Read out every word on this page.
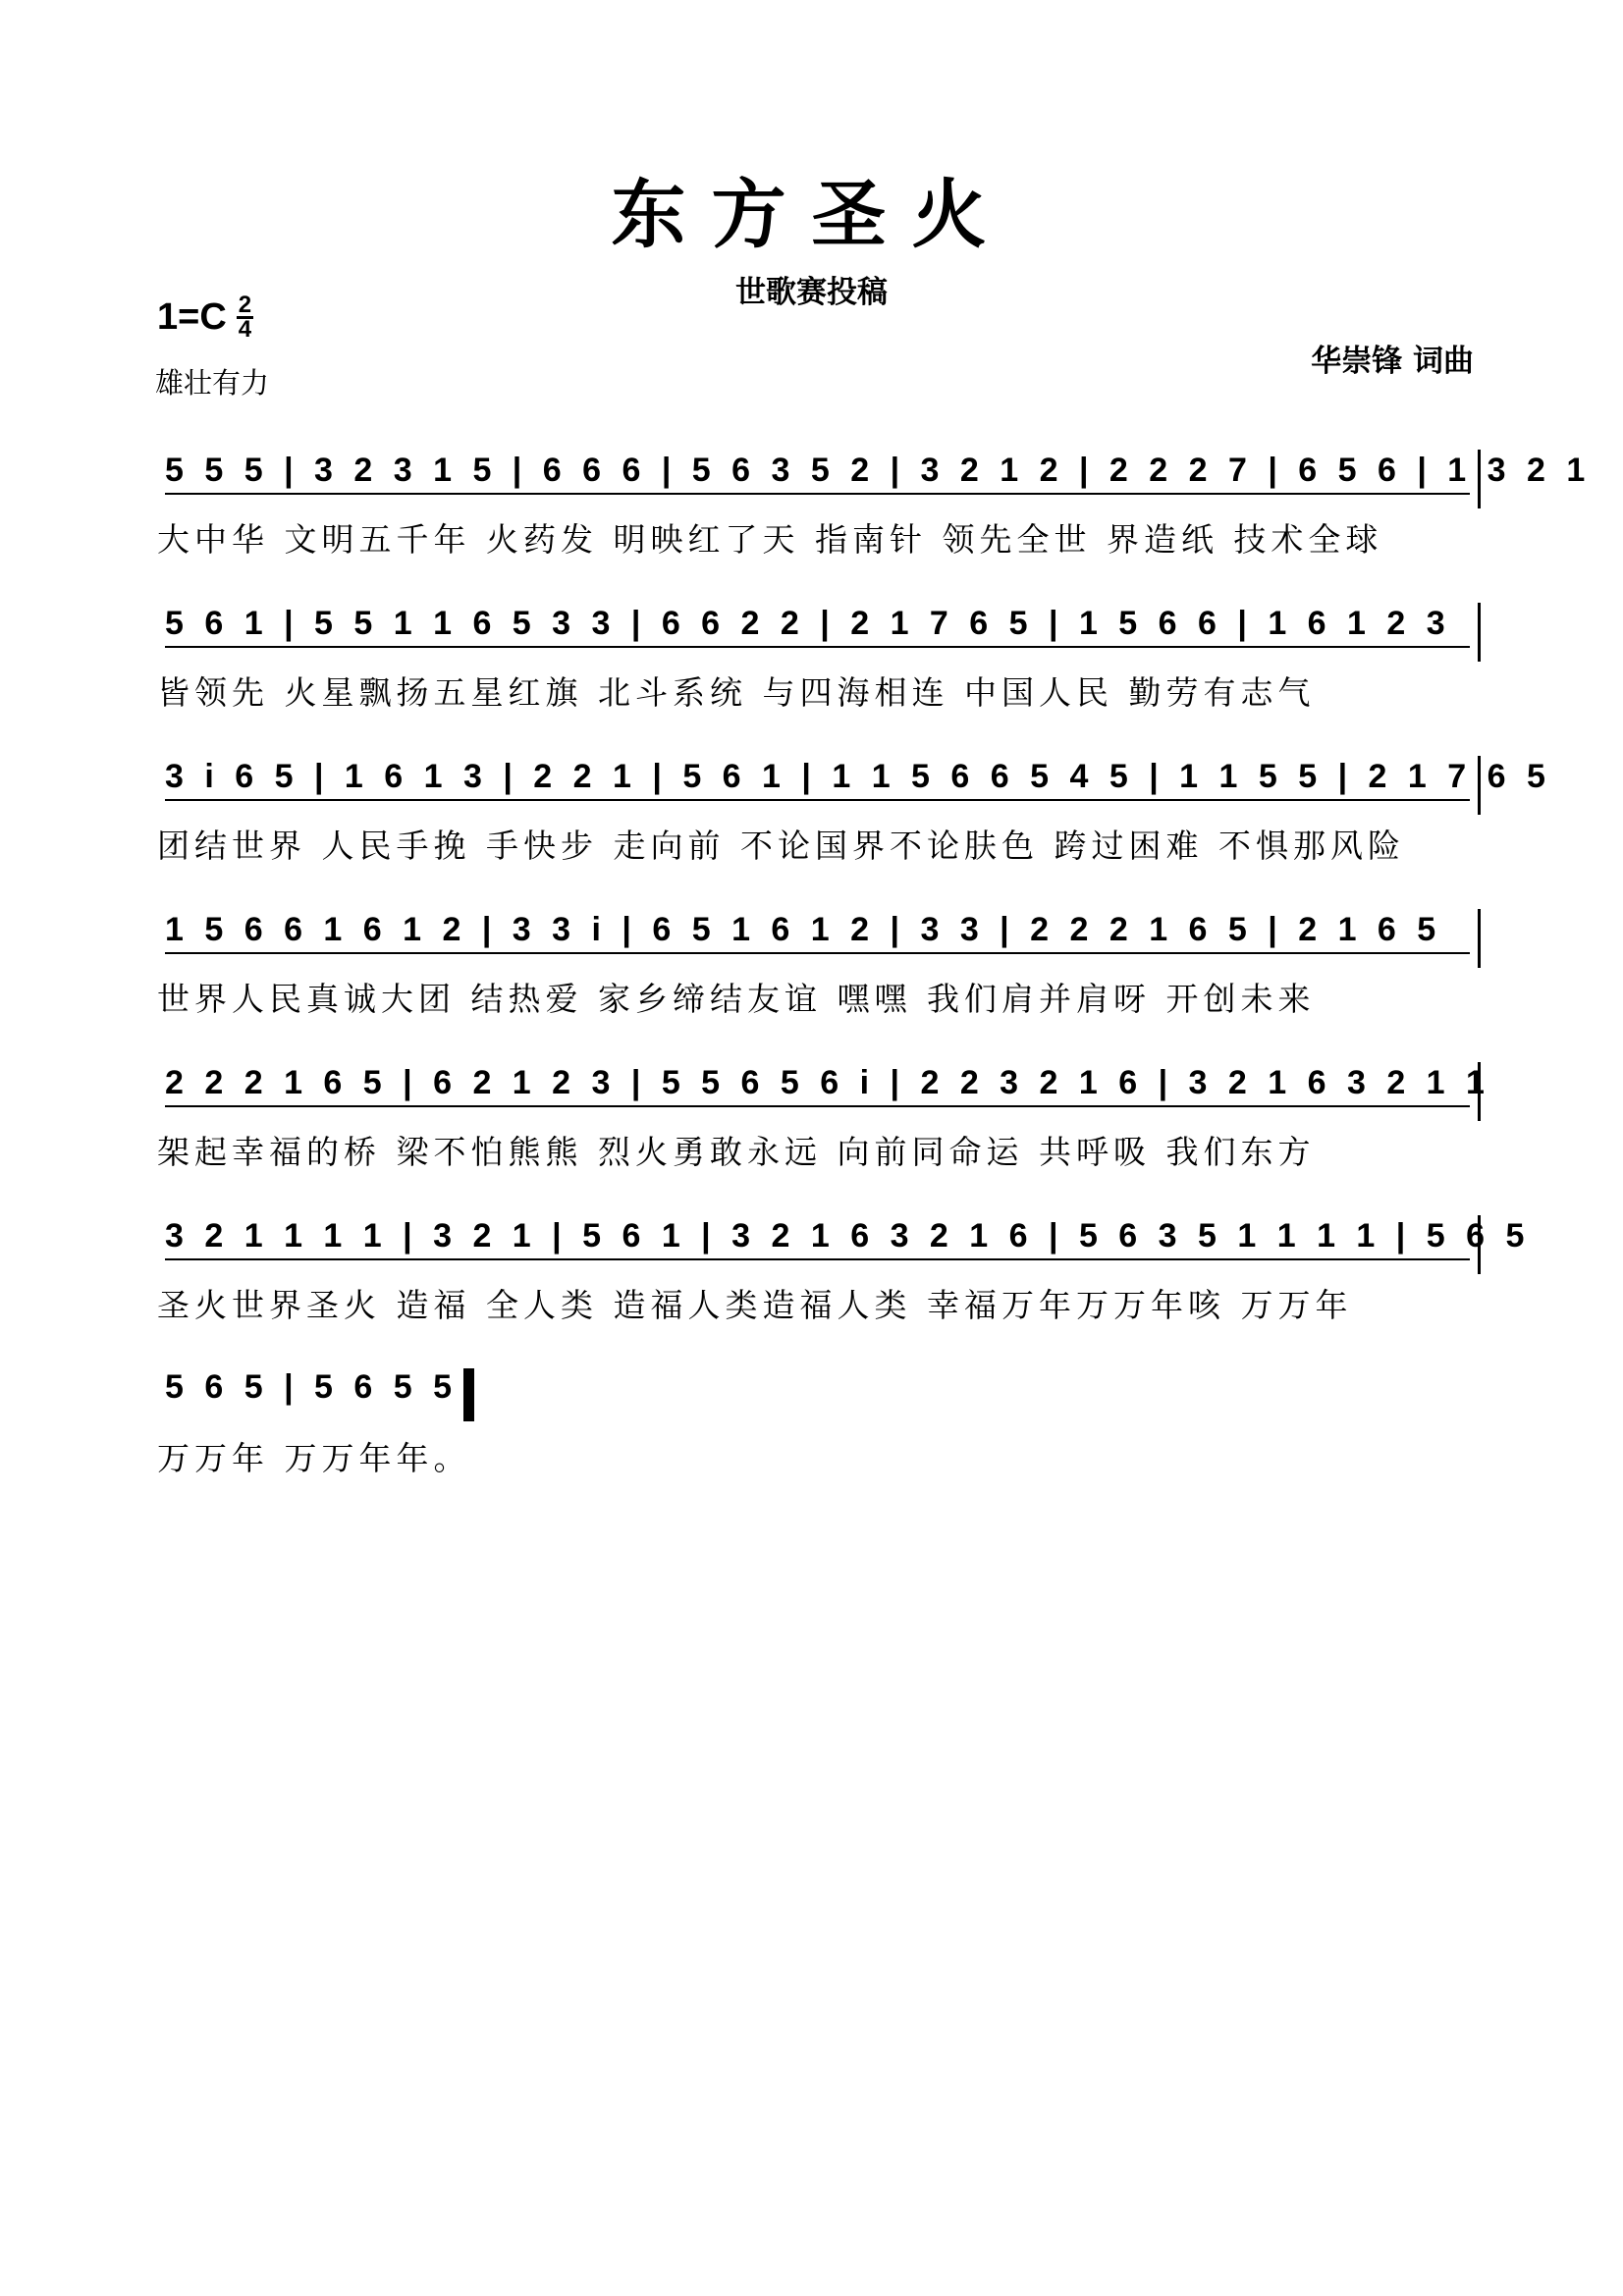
东方圣火
世歌赛投稿
1=C 2
4
雄壮有力
华崇锋 词曲
5 5 5 | 3 2 3 1 5 | 6 6 6 | 5 6 3 5 2 | 3 2 1 2 | 2 2 2 7 | 6 5 6 | 1 3 2 1
大中华 文明五千年 火药发 明映红了天 指南针 领先全世 界造纸 技术全球
5 6 1 | 5 5 1 1 6 5 3 3 | 6 6 2 2 | 2 1 7 6 5 | 1 5 6 6 | 1 6 1 2 3
皆领先 火星飘扬五星红旗 北斗系统 与四海相连 中国人民 勤劳有志气
3 i 6 5 | 1 6 1 3 | 2 2 1 | 5 6 1 | 1 1 5 6 6 5 4 5 | 1 1 5 5 | 2 1 7 6 5
团结世界 人民手挽 手快步 走向前 不论国界不论肤色 跨过困难 不惧那风险
1 5 6 6 1 6 1 2 | 3 3 i | 6 5 1 6 1 2 | 3 3 | 2 2 2 1 6 5 | 2 1 6 5
世界人民真诚大团 结热爱 家乡缔结友谊 嘿嘿 我们肩并肩呀 开创未来
2 2 2 1 6 5 | 6 2 1 2 3 | 5 5 6 5 6 i | 2 2 3 2 1 6 | 3 2 1 6 3 2 1 1
架起幸福的桥 梁不怕熊熊 烈火勇敢永远 向前同命运 共呼吸 我们东方
3 2 1 1 1 1 | 3 2 1 | 5 6 1 | 3 2 1 6 3 2 1 6 | 5 6 3 5 1 1 1 1 | 5 6 5
圣火世界圣火 造福 全人类 造福人类造福人类 幸福万年万万年咳 万万年
5 6 5 | 5 6 5 5
万万年 万万年年。
